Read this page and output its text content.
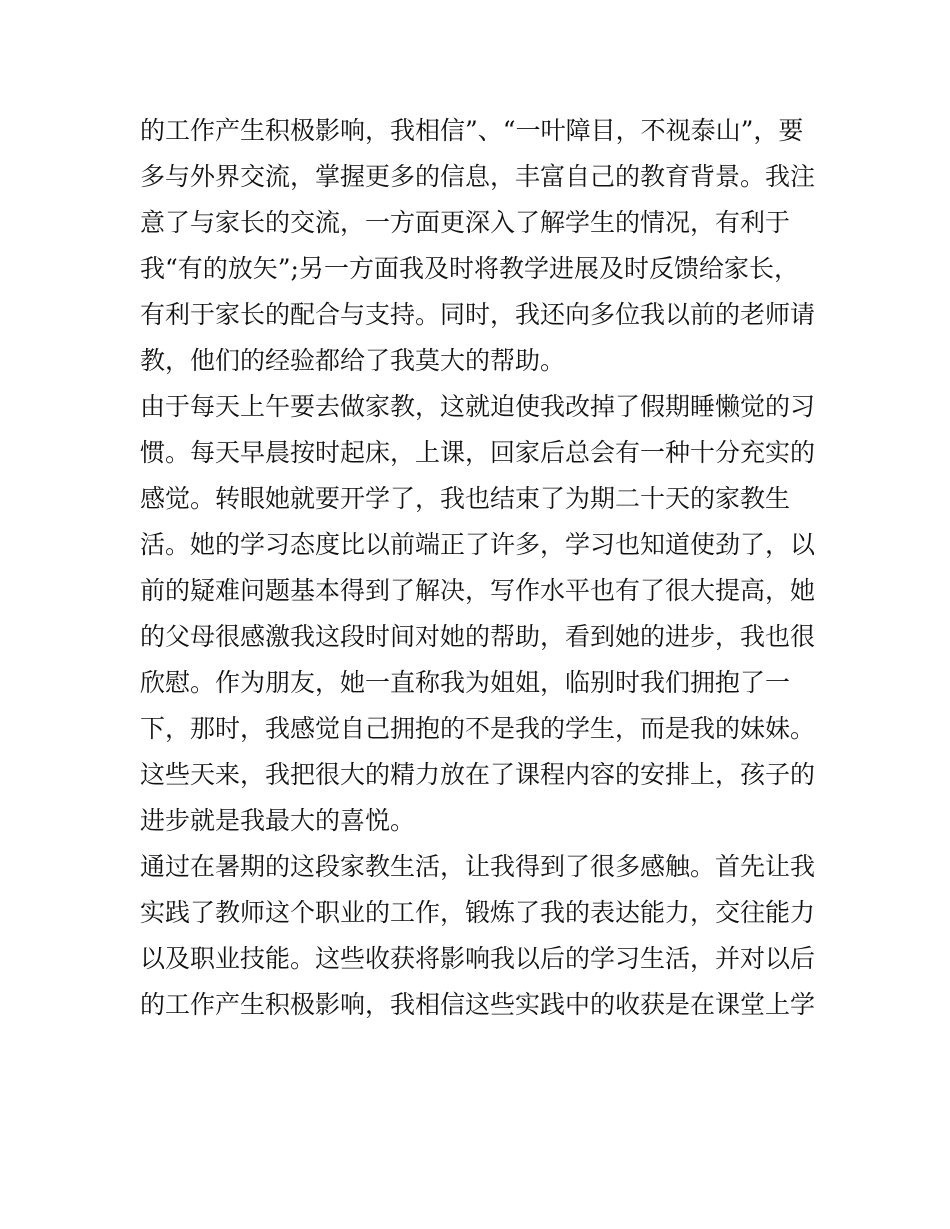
的工作产生积极影响，我相信”、“一叶障目，不视泰山”，要
多与外界交流，掌握更多的信息，丰富自己的教育背景。我注
意了与家长的交流，一方面更深入了解学生的情况，有利于
我“有的放矢”;另一方面我及时将教学进展及时反馈给家长，
有利于家长的配合与支持。同时，我还向多位我以前的老师请
教，他们的经验都给了我莫大的帮助。
由于每天上午要去做家教，这就迫使我改掉了假期睡懒觉的习
惯。每天早晨按时起床，上课，回家后总会有一种十分充实的
感觉。转眼她就要开学了，我也结束了为期二十天的家教生
活。她的学习态度比以前端正了许多，学习也知道使劲了，以
前的疑难问题基本得到了解决，写作水平也有了很大提高，她
的父母很感激我这段时间对她的帮助，看到她的进步，我也很
欣慰。作为朋友，她一直称我为姐姐，临别时我们拥抱了一
下，那时，我感觉自己拥抱的不是我的学生，而是我的妹妹。
这些天来，我把很大的精力放在了课程内容的安排上，孩子的
进步就是我最大的喜悦。
通过在暑期的这段家教生活，让我得到了很多感触。首先让我
实践了教师这个职业的工作，锻炼了我的表达能力，交往能力
以及职业技能。这些收获将影响我以后的学习生活，并对以后
的工作产生积极影响，我相信这些实践中的收获是在课堂上学
